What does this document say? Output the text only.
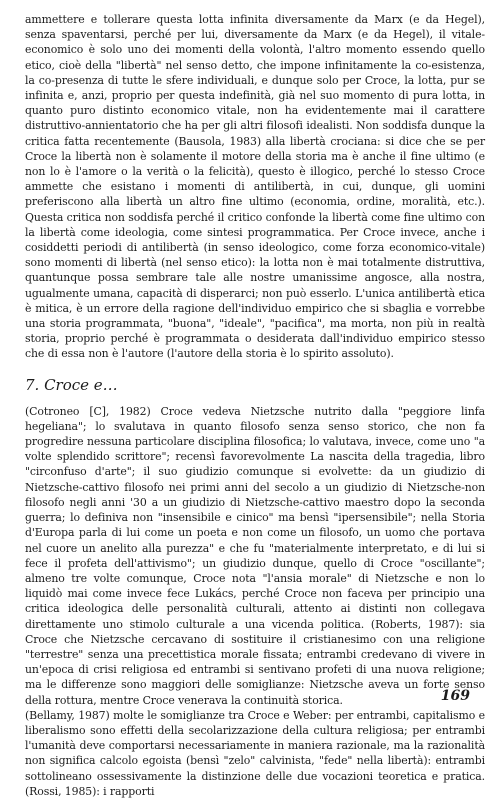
ammettere e tollerare questa lotta infinita diversamente da Marx (e da Hegel), senza spaventarsi, perché per lui, diversamente da Marx (e da Hegel), il vitale-economico è solo uno dei momenti della volontà, l'altro momento essendo quello etico, cioè della "libertà" nel senso detto, che impone infinitamente la co-esistenza, la co-presenza di tutte le sfere individuali, e dunque solo per Croce, la lotta, pur se infinita e, anzi, proprio per questa indefinità, già nel suo momento di pura lotta, in quanto puro distinto economico vitale, non ha evidentemente mai il carattere distruttivo-annientatorio che ha per gli altri filosofi idealisti. Non soddisfa dunque la critica fatta recentemente (Bausola, 1983) alla libertà crociana: si dice che se per Croce la libertà non è solamente il motore della storia ma è anche il fine ultimo (e non lo è l'amore o la verità o la felicità), questo è illogico, perché lo stesso Croce ammette che esistano i momenti di antilibertà, in cui, dunque, gli uomini preferiscono alla libertà un altro fine ultimo (economia, ordine, moralità, etc.). Questa critica non soddisfa perché il critico confonde la libertà come fine ultimo con la libertà come ideologia, come sintesi programmatica. Per Croce invece, anche i cosiddetti periodi di antilibertà (in senso ideologico, come forza economico-vitale) sono momenti di libertà (nel senso etico): la lotta non è mai totalmente distruttiva, quantunque possa sembrare tale alle nostre umanissime angosce, alla nostra, ugualmente umana, capacità di disperarci; non può esserlo. L'unica antilibertà etica è mitica, è un errore della ragione dell'individuo empirico che si sbaglia e vorrebbe una storia programmata, "buona", "ideale", "pacifica", ma morta, non più in realtà storia, proprio perché è programmata o desiderata dall'individuo empirico stesso che di essa non è l'autore (l'autore della storia è lo spirito assoluto).

7. Croce e…

(Cotroneo [C], 1982) Croce vedeva Nietzsche nutrito dalla "peggiore linfa hegeliana"; lo svalutava in quanto filosofo senza senso storico, che non fa progredire nessuna particolare disciplina filosofica; lo valutava, invece, come uno "a volte splendido scrittore"; recensì favorevolmente La nascita della tragedia, libro "circonfuso d'arte"; il suo giudizio comunque si evolvette: da un giudizio di Nietzsche-cattivo filosofo nei primi anni del secolo a un giudizio di Nietzsche-non filosofo negli anni '30 a un giudizio di Nietzsche-cattivo maestro dopo la seconda guerra; lo definiva non "insensibile e cinico" ma bensì "ipersensibile"; nella Storia d'Europa parla di lui come un poeta e non come un filosofo, un uomo che portava nel cuore un anelito alla purezza" e che fu "materialmente interpretato, e di lui si fece il profeta dell'attivismo"; un giudizio dunque, quello di Croce "oscillante"; almeno tre volte comunque, Croce nota "l'ansia morale" di Nietzsche e non lo liquidò mai come invece fece Lukács, perché Croce non faceva per principio una critica ideologica delle personalità culturali, attento ai distinti non collegava direttamente uno stimolo culturale a una vicenda politica. (Roberts, 1987): sia Croce che Nietzsche cercavano di sostituire il cristianesimo con una religione "terrestre" senza una precettistica morale fissata; entrambi credevano di vivere in un'epoca di crisi religiosa ed entrambi si sentivano profeti di una nuova religione; ma le differenze sono maggiori delle somiglianze: Nietzsche aveva un forte senso della rottura, mentre Croce venerava la continuità storica.

(Bellamy, 1987) molte le somiglianze tra Croce e Weber: per entrambi, capitalismo e liberalismo sono effetti della secolarizzazione della cultura religiosa; per entrambi l'umanità deve comportarsi necessariamente in maniera razionale, ma la razionalità non significa calcolo egoista (bensì "zelo" calvinista, "fede" nella libertà): entrambi sottolineano ossessivamente la distinzione delle due vocazioni teoretica e pratica. (Rossi, 1985): i rapporti

169
